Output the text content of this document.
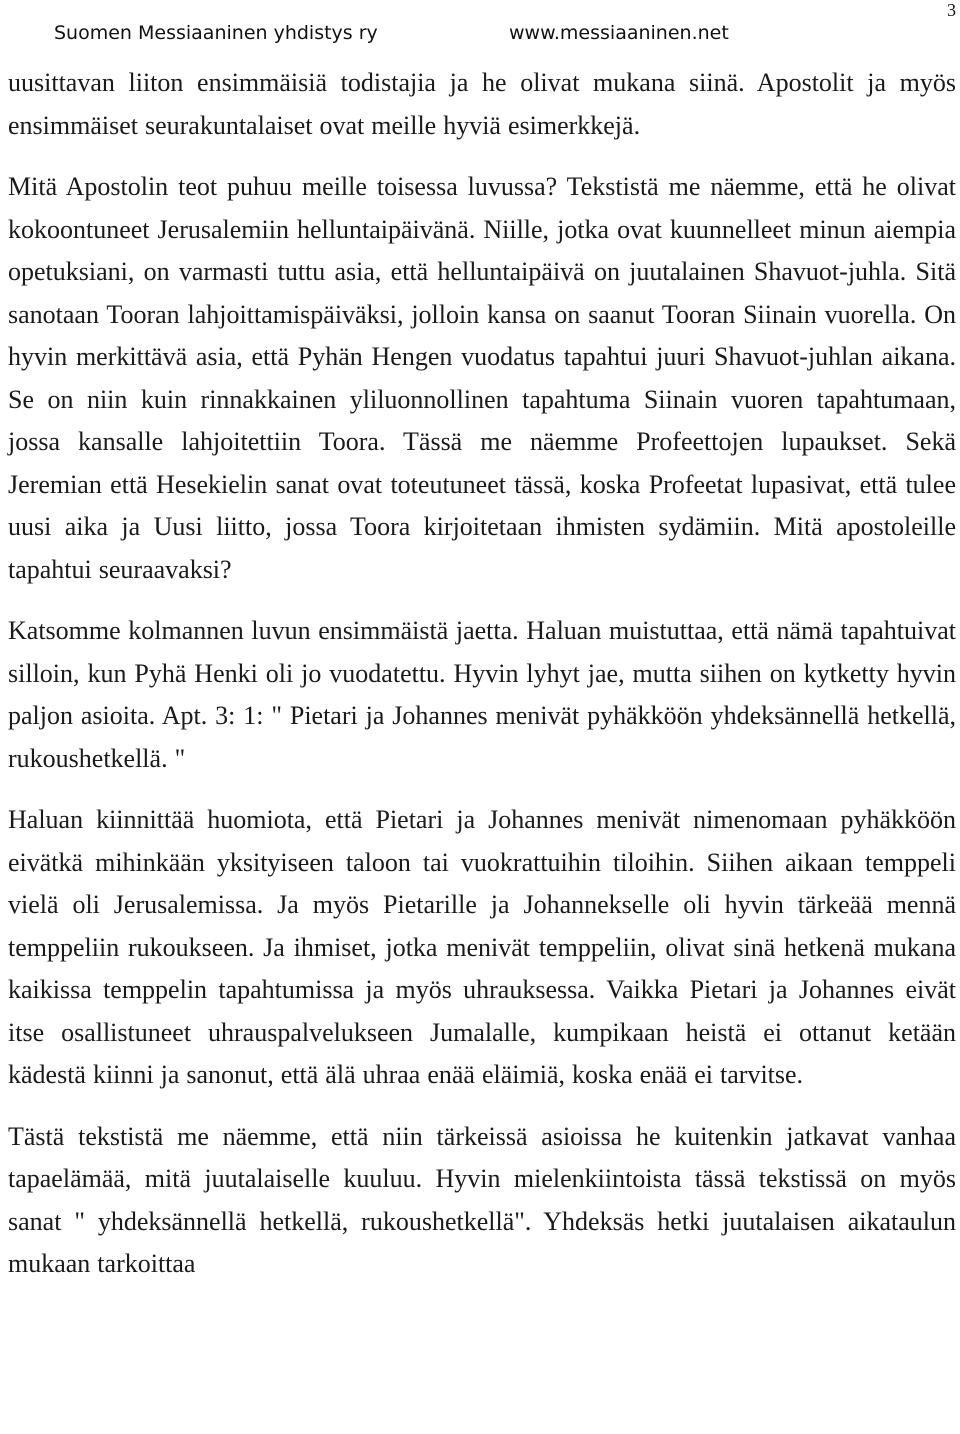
Suomen Messiaaninen yhdistys ry	www.messiaaninen.net
3

uusittavan liiton ensimmäisiä todistajia ja he olivat mukana siinä. Apostolit ja myös ensimmäiset seurakuntalaiset ovat meille hyviä esimerkkejä.

Mitä Apostolin teot puhuu meille toisessa luvussa? Tekstistä me näemme, että he olivat kokoontuneet Jerusalemiin helluntaipäivänä. Niille, jotka ovat kuunnelleet minun aiempia opetuksiani, on varmasti tuttu asia, että helluntaipäivä on juutalainen Shavuot-juhla. Sitä sanotaan Tooran lahjoittamispäiväksi, jolloin kansa on saanut Tooran Siinain vuorella. On hyvin merkittävä asia, että Pyhän Hengen vuodatus tapahtui juuri Shavuot-juhlan aikana. Se on niin kuin rinnakkainen yliluonnollinen tapahtuma Siinain vuoren tapahtumaan, jossa kansalle lahjoitettiin Toora. Tässä me näemme Profeettojen lupaukset. Sekä Jeremian että Hesekielin sanat ovat toteutuneet tässä, koska Profeetat lupasivat, että tulee uusi aika ja Uusi liitto, jossa Toora kirjoitetaan ihmisten sydämiin. Mitä apostoleille tapahtui seuraavaksi?

Katsomme kolmannen luvun ensimmäistä jaetta. Haluan muistuttaa, että nämä tapahtuivat silloin, kun Pyhä Henki oli jo vuodatettu. Hyvin lyhyt jae, mutta siihen on kytketty hyvin paljon asioita. Apt. 3: 1: " Pietari ja Johannes menivät pyhäkköön yhdeksännellä hetkellä, rukoushetkellä. "

Haluan kiinnittää huomiota, että Pietari ja Johannes menivät nimenomaan pyhäkköön eivätkä mihinkään yksityiseen taloon tai vuokrattuihin tiloihin. Siihen aikaan temppeli vielä oli Jerusalemissa. Ja myös Pietarille ja Johannekselle oli hyvin tärkeää mennä temppeliin rukoukseen. Ja ihmiset, jotka menivät temppeliin, olivat sinä hetkenä mukana kaikissa temppelin tapahtumissa ja myös uhrauksessa. Vaikka Pietari ja Johannes eivät itse osallistuneet uhrauspalvelukseen Jumalalle, kumpikaan heistä ei ottanut ketään kädestä kiinni ja sanonut, että älä uhraa enää eläimiä, koska enää ei tarvitse.

Tästä tekstistä me näemme, että niin tärkeissä asioissa he kuitenkin jatkavat vanhaa tapaelämää, mitä juutalaiselle kuuluu. Hyvin mielenkiintoista tässä tekstissä on myös sanat " yhdeksännellä hetkellä, rukoushetkellä". Yhdeksäs hetki juutalaisen aikataulun mukaan tarkoittaa
